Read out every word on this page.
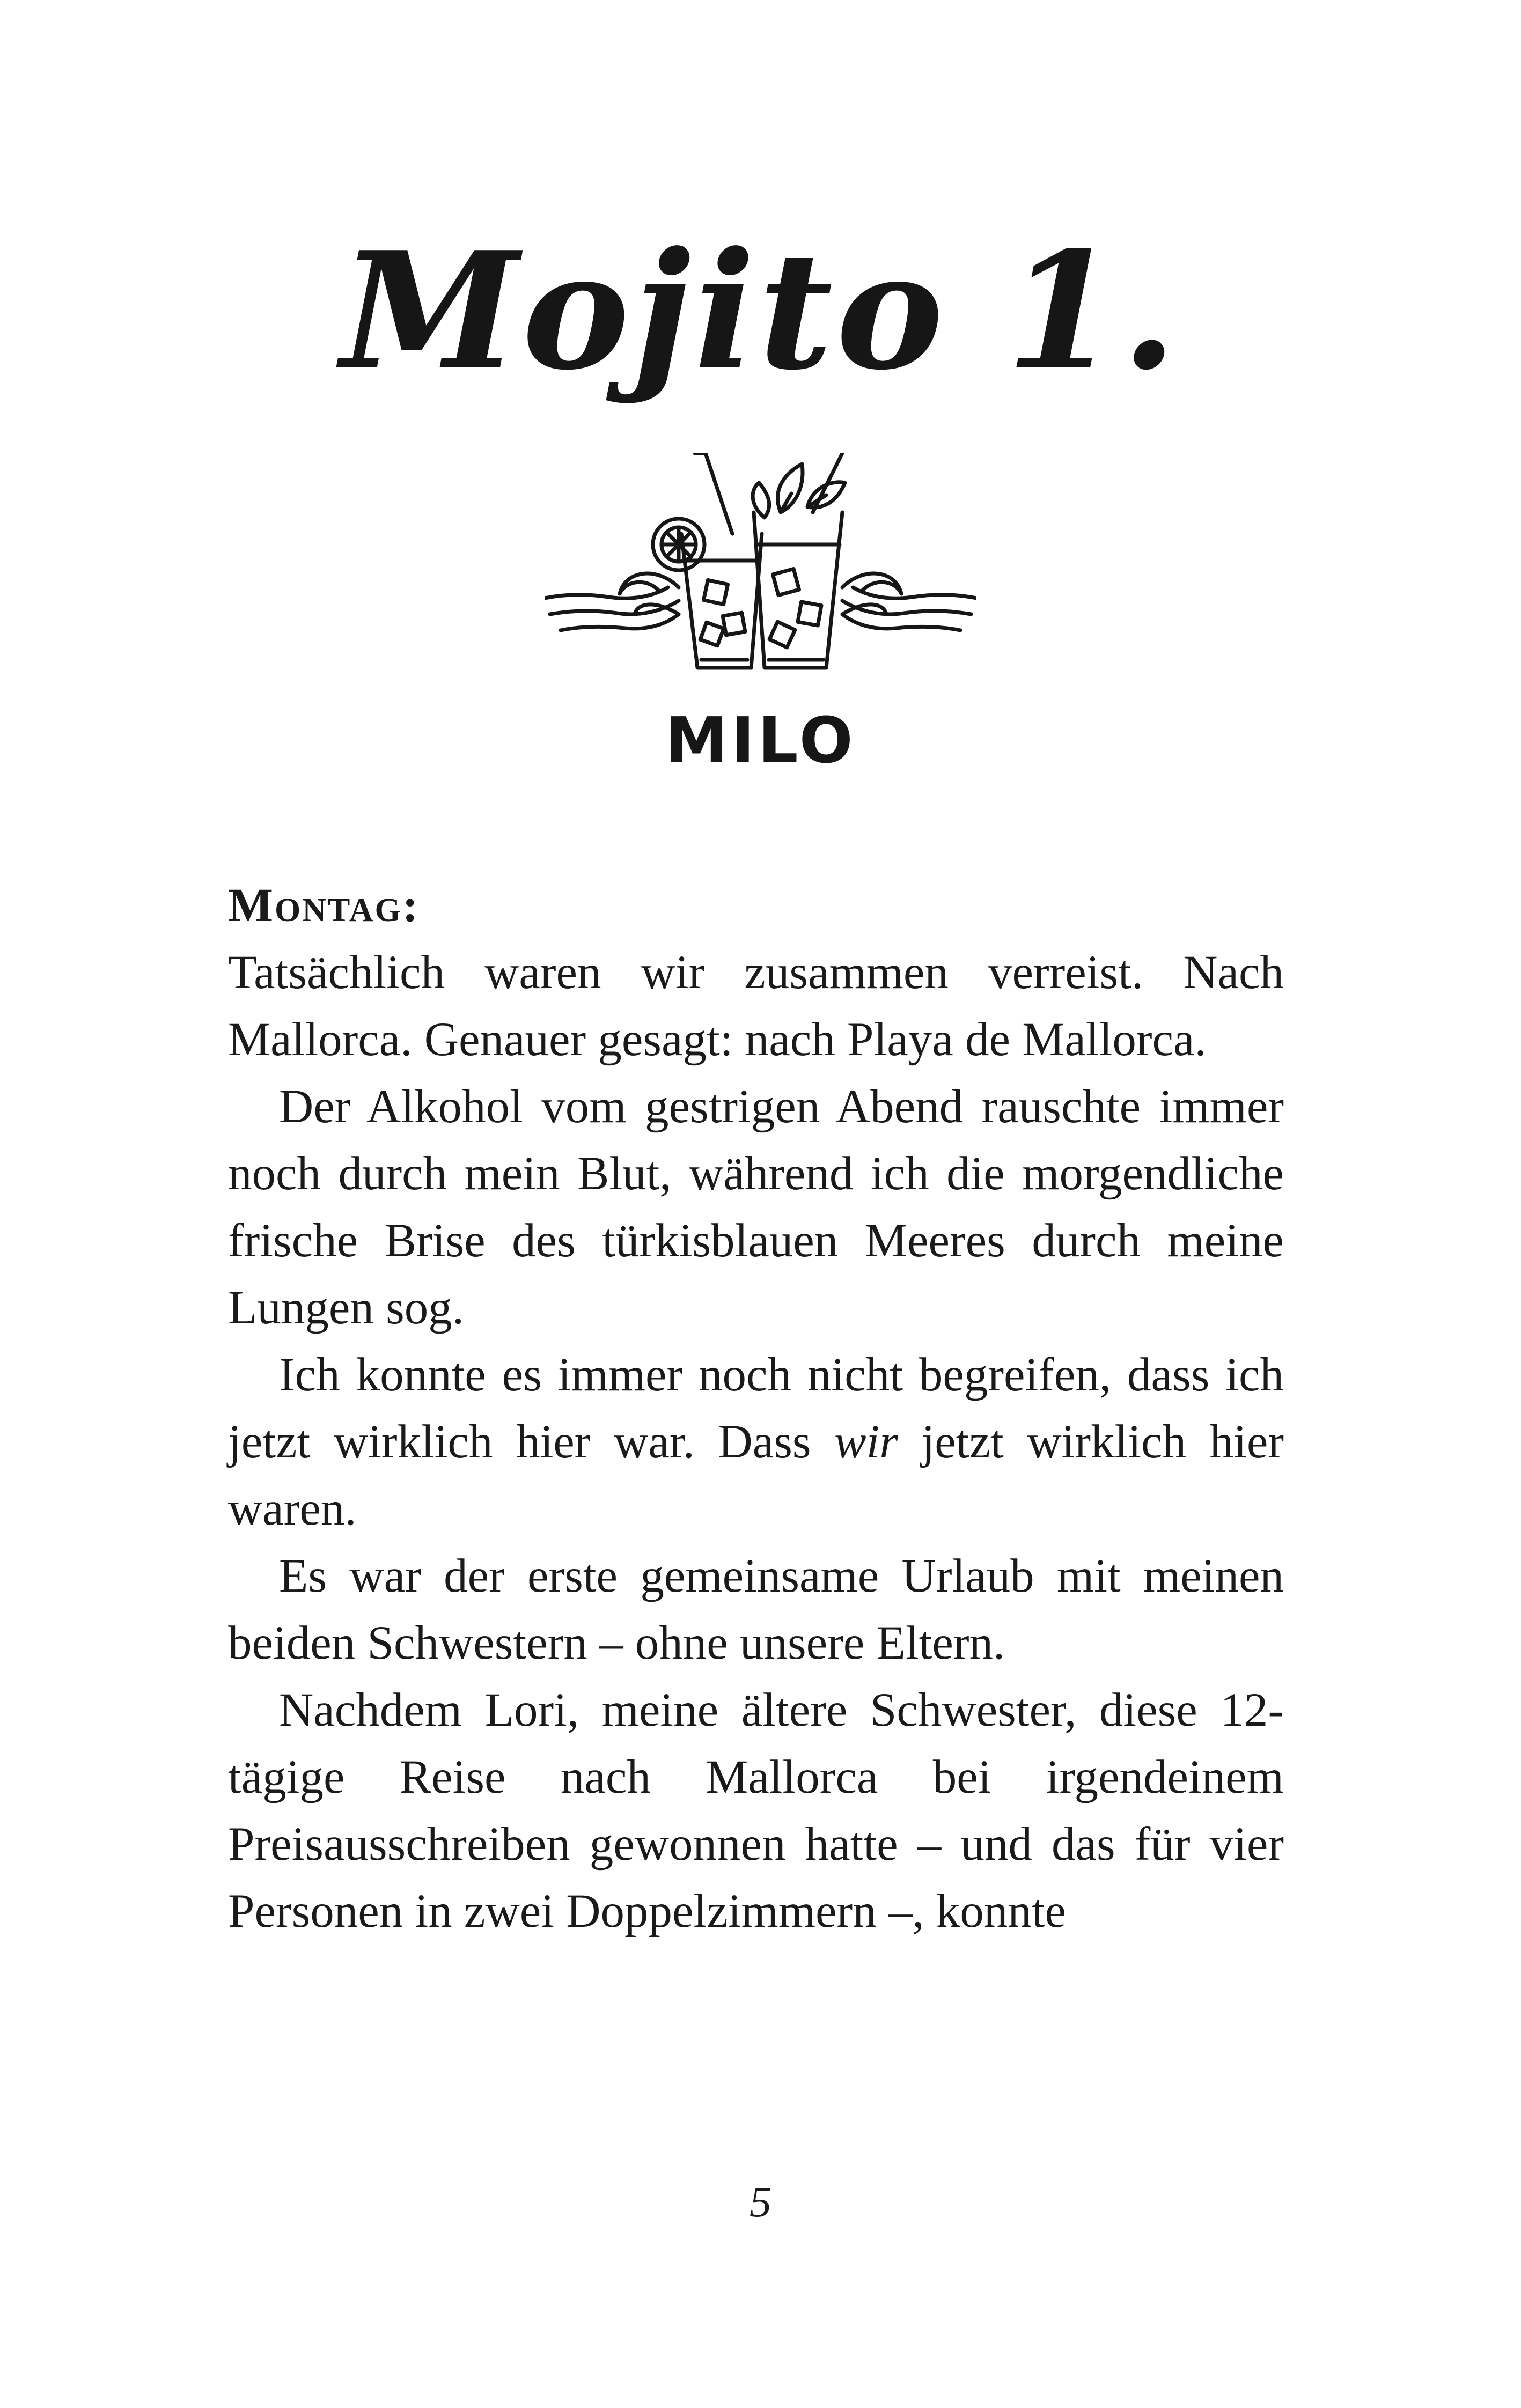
Mojito 1.
MILO
Montag:

Tatsächlich waren wir zusammen verreist. Nach Mallorca. Genauer gesagt: nach Playa de Mallorca.

Der Alkohol vom gestrigen Abend rauschte immer noch durch mein Blut, während ich die morgendliche frische Brise des türkisblauen Meeres durch meine Lungen sog.

Ich konnte es immer noch nicht begreifen, dass ich jetzt wirklich hier war. Dass wir jetzt wirklich hier waren.

Es war der erste gemeinsame Urlaub mit meinen beiden Schwestern – ohne unsere Eltern.

Nachdem Lori, meine ältere Schwester, diese 12-tägige Reise nach Mallorca bei irgendeinem Preisausschreiben gewonnen hatte – und das für vier Personen in zwei Doppelzimmern –, konnte

5
